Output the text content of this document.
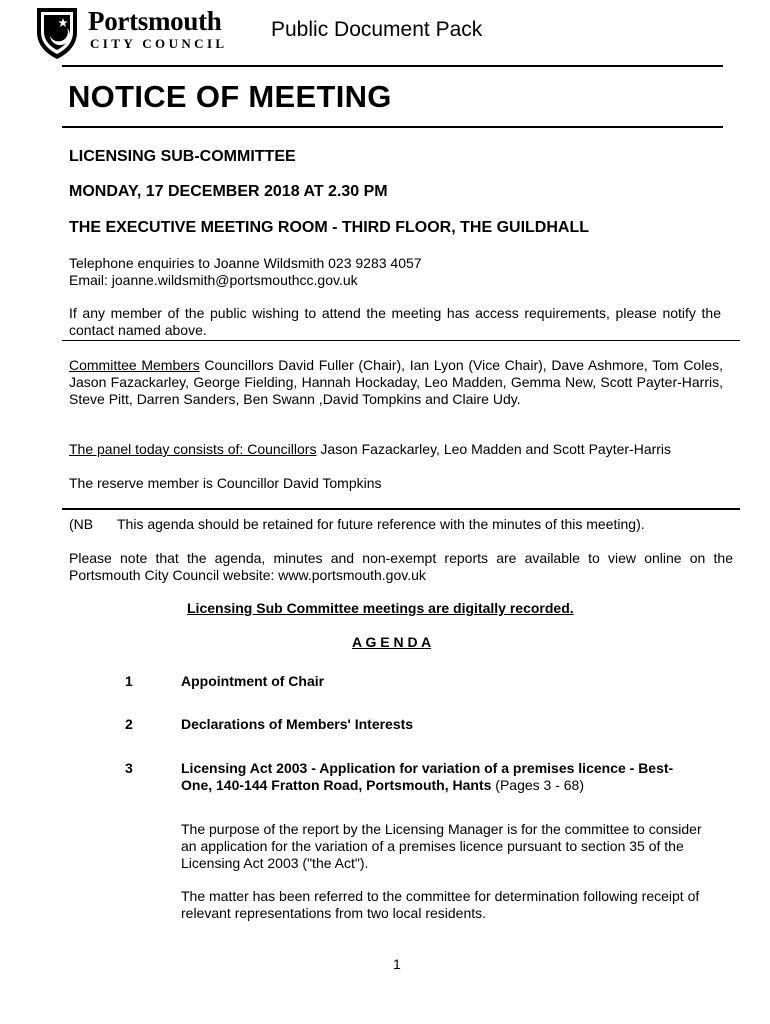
Portsmouth
CITY COUNCIL
Public Document Pack
NOTICE OF MEETING
LICENSING SUB-COMMITTEE
MONDAY, 17 DECEMBER 2018 AT 2.30 PM
THE EXECUTIVE MEETING ROOM - THIRD FLOOR, THE GUILDHALL
Telephone enquiries to Joanne Wildsmith 023 9283 4057
Email: joanne.wildsmith@portsmouthcc.gov.uk
If any member of the public wishing to attend the meeting has access requirements, please notify the contact named above.
Committee Members Councillors David Fuller (Chair), Ian Lyon (Vice Chair), Dave Ashmore, Tom Coles, Jason Fazackarley, George Fielding, Hannah Hockaday, Leo Madden, Gemma New, Scott Payter-Harris, Steve Pitt, Darren Sanders, Ben Swann ,David Tompkins and Claire Udy.
The panel today consists of: Councillors Jason Fazackarley, Leo Madden and Scott Payter-Harris
The reserve member is Councillor David Tompkins
(NB This agenda should be retained for future reference with the minutes of this meeting).
Please note that the agenda, minutes and non-exempt reports are available to view online on the Portsmouth City Council website: www.portsmouth.gov.uk
Licensing Sub Committee meetings are digitally recorded.
A G E N D A
1	Appointment of Chair
2	Declarations of Members' Interests
3	Licensing Act 2003 - Application for variation of a premises licence - Best-One, 140-144 Fratton Road, Portsmouth, Hants (Pages 3 - 68)
The purpose of the report by the Licensing Manager is for the committee to consider an application for the variation of a premises licence pursuant to section 35 of the Licensing Act 2003 ("the Act").
The matter has been referred to the committee for determination following receipt of relevant representations from two local residents.
1
